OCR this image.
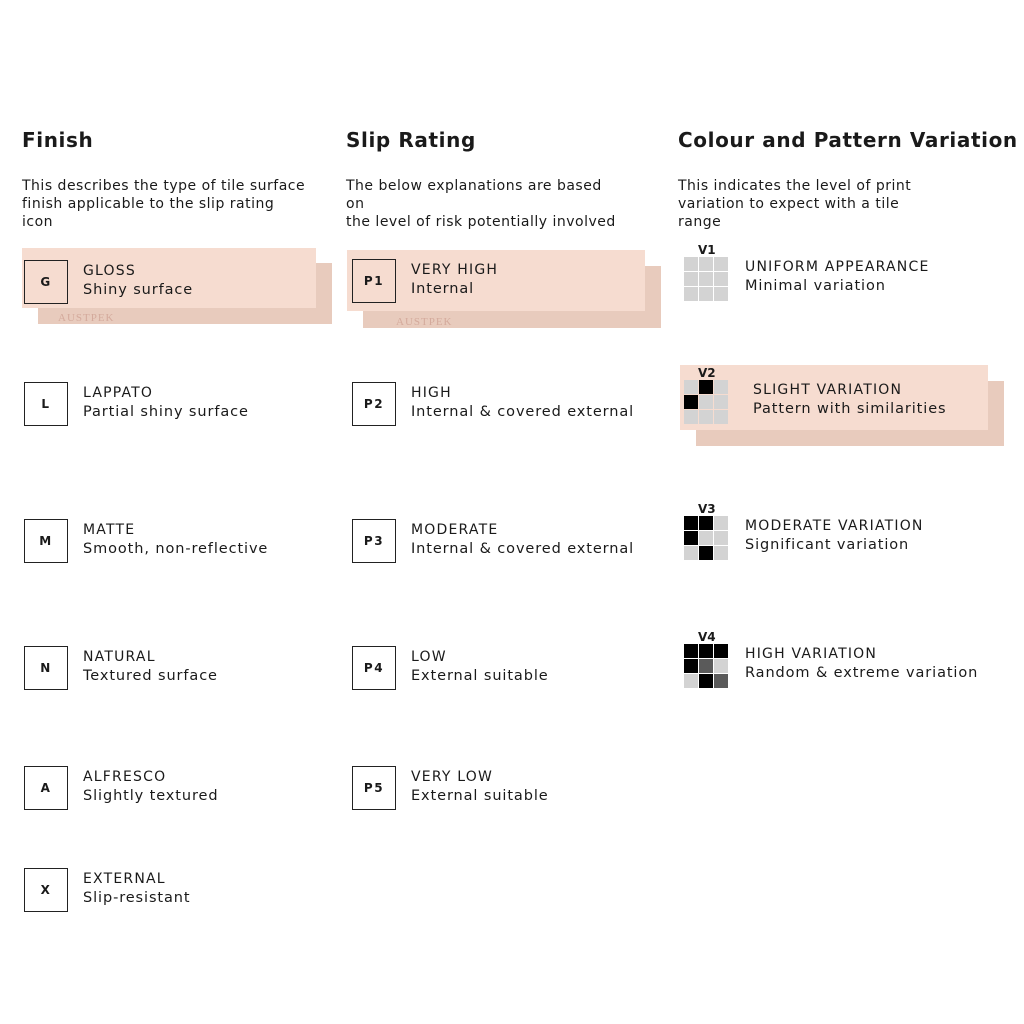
AUSTPEK
Finish

This describes the type of tile surface
finish applicable to the slip rating
icon

G
GLOSS
Shiny surface
L
LAPPATO
Partial shiny surface
M
MATTE
Smooth, non-reflective
N
NATURAL
Textured surface
A
ALFRESCO
Slightly textured
X
EXTERNAL
Slip-resistant
AUSTPEK
Slip Rating

The below explanations are based
on
the level of risk potentially involved

P1
VERY HIGH
Internal
P2
HIGH
Internal & covered external
P3
MODERATE
Internal & covered external
P4
LOW
External suitable
P5
VERY LOW
External suitable
Colour and Pattern Variation

This indicates the level of print
variation to expect with a tile
range

V1
UNIFORM APPEARANCE
Minimal variation
V2
SLIGHT VARIATION
Pattern with similarities
V3
MODERATE VARIATION
Significant variation
V4
HIGH VARIATION
Random & extreme variation
